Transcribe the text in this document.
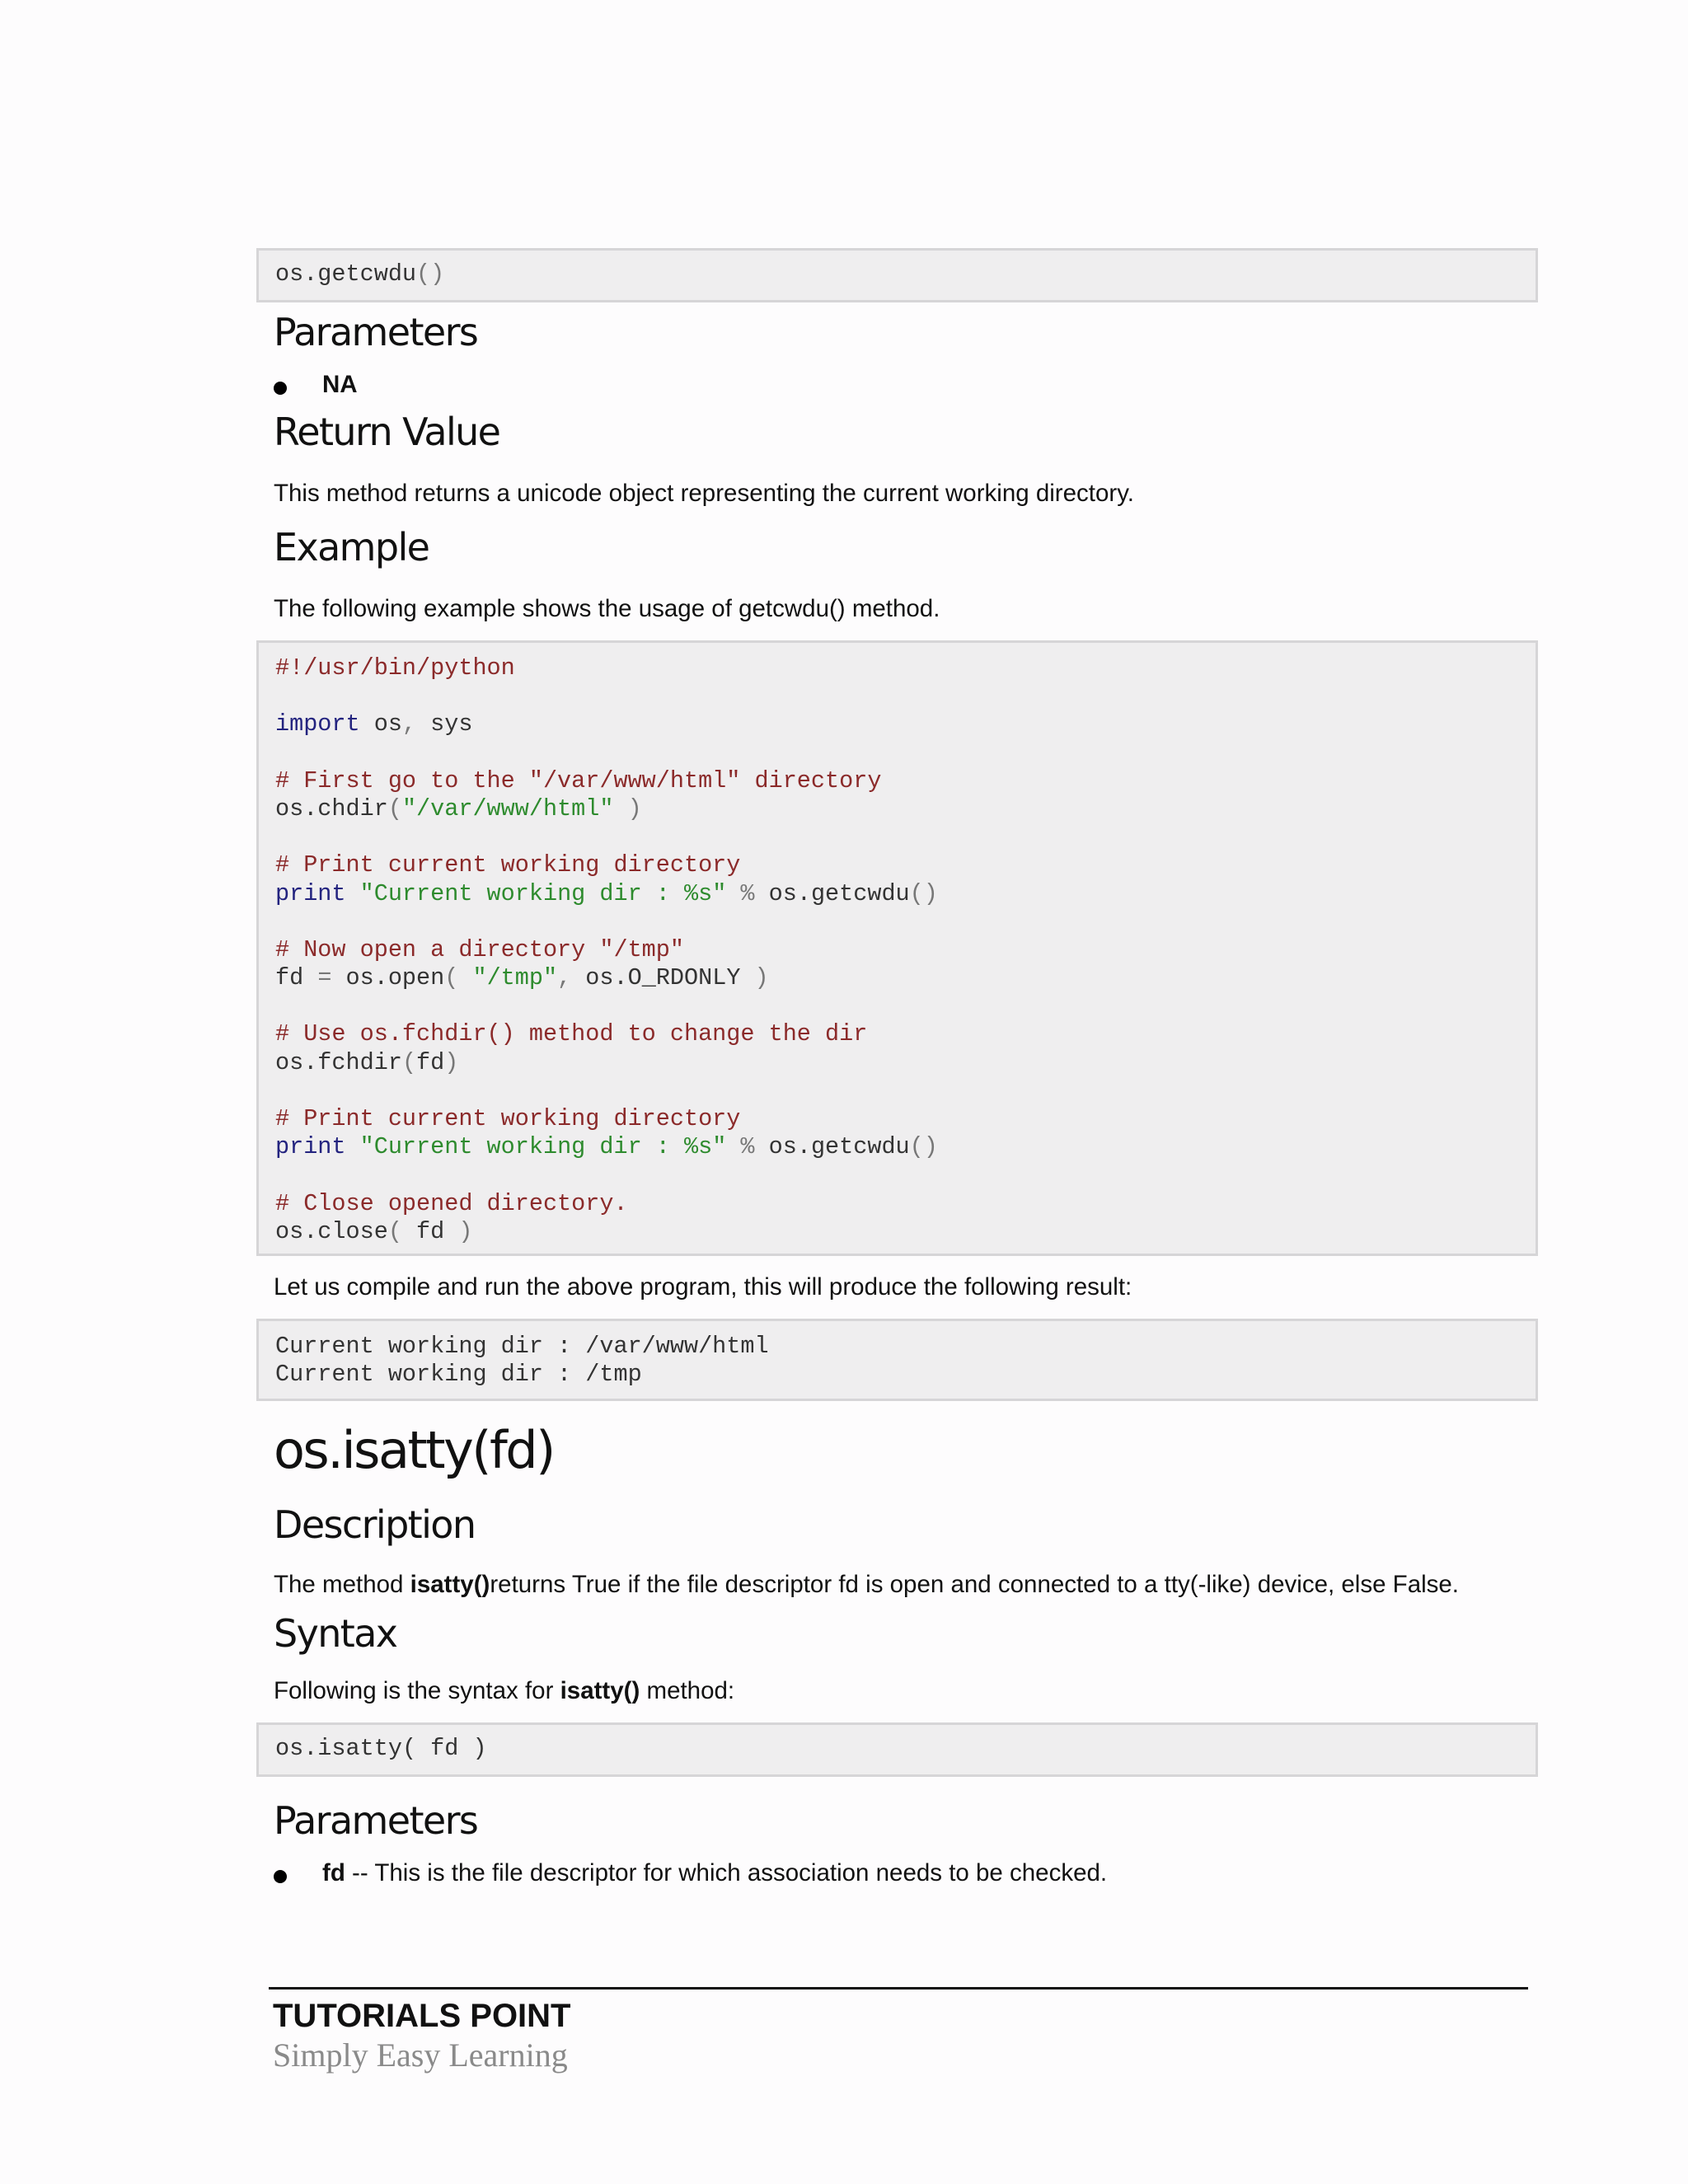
os.getcwdu()
Parameters

NA

Return Value

This method returns a unicode object representing the current working directory.

Example

The following example shows the usage of getcwdu() method.

#!/usr/bin/python
import os, sys
# First go to the "/var/www/html" directory
os.chdir("/var/www/html" )
# Print current working directory
print "Current working dir : %s" % os.getcwdu()
# Now open a directory "/tmp"
fd = os.open( "/tmp", os.O_RDONLY )
# Use os.fchdir() method to change the dir
os.fchdir(fd)
# Print current working directory
print "Current working dir : %s" % os.getcwdu()
# Close opened directory.
os.close( fd )

Let us compile and run the above program, this will produce the following result:

Current working dir : /var/www/html
Current working dir : /tmp
os.isatty(fd)
Description

The method isatty()returns True if the file descriptor fd is open and connected to a tty(-like) device, else False.

Syntax

Following is the syntax for isatty() method:

os.isatty( fd )
Parameters

fd -- This is the file descriptor for which association needs to be checked.

TUTORIALS POINT

Simply Easy Learning
